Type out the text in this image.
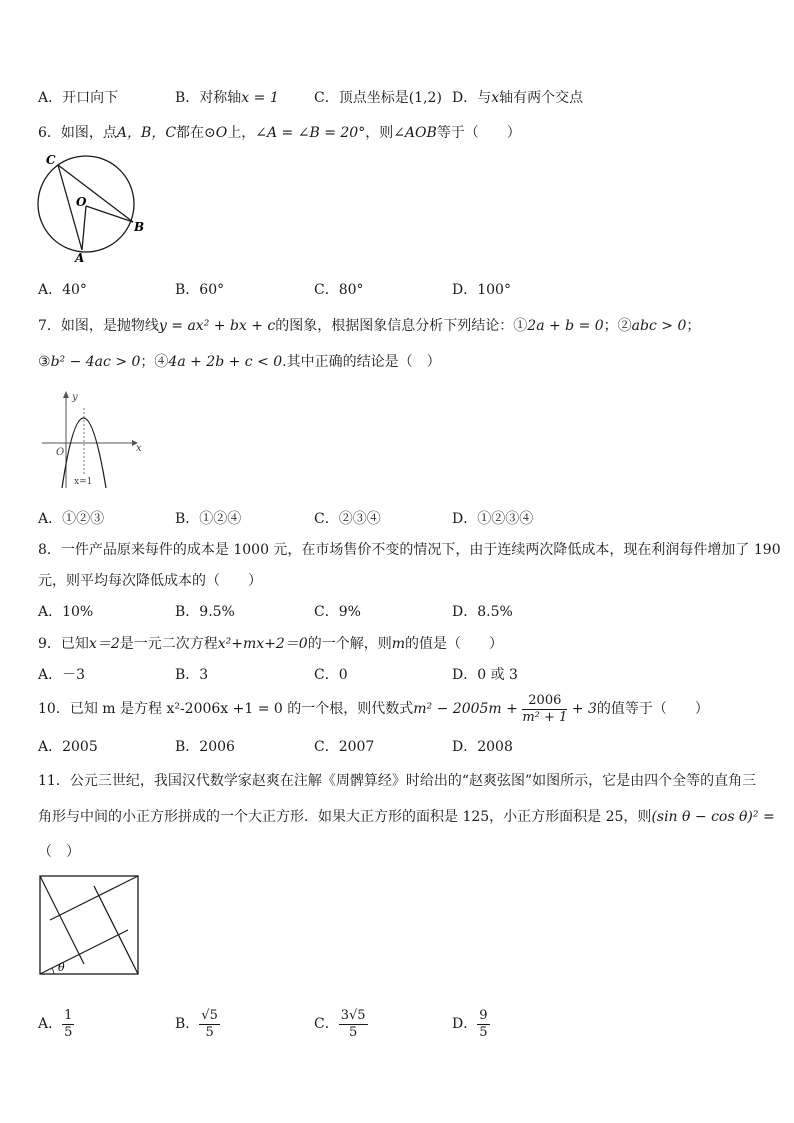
A．开口向下	B．对称轴x = 1	C．顶点坐标是(1,2) D．与x轴有两个交点
6．如图，点A，B，C都在⊙O上，∠A = ∠B = 20°，则∠AOB等于（　　）
C
O
B
A
A．40°	B．60°	C．80°	D．100°
7．如图，是抛物线y = ax² + bx + c的图象，根据图象信息分析下列结论：①2a + b = 0；②abc > 0；
③b² − 4ac > 0；④4a + 2b + c < 0.其中正确的结论是（　）
y
x
O
x=1
A．①②③	B．①②④	C．②③④	D．①②③④
8．一件产品原来每件的成本是 1000 元，在市场售价不变的情况下，由于连续两次降低成本，现在利润每件增加了 190
元，则平均每次降低成本的（　　）
A．10%	B．9.5%	C．9%	D．8.5%
9．已知x＝2是一元二次方程x²+mx+2＝0的一个解，则m的值是（　　）
A．－3	B．3	C．0	D．0 或 3
10．已知 m 是方程 x²-2006x +1 = 0 的一个根，则代数式$m^2 - 2005m + \frac{2006}{\text{m² + 1}} + 3$的值等于（　　）
A．2005	B．2006	C．2007	D．2008
11．公元三世纪，我国汉代数学家赵爽在注解《周髀算经》时给出的“赵爽弦图”如图所示，它是由四个全等的直角三
角形与中间的小正方形拼成的一个大正方形．如果大正方形的面积是 125，小正方形面积是 25，则(sin θ − cos θ)² =
（　）
θ
A． $\frac{1}{5}$	B． $\frac{√5}{5}$	C． $\frac{3√5}{5}$	D． $\frac{9}{5}$
